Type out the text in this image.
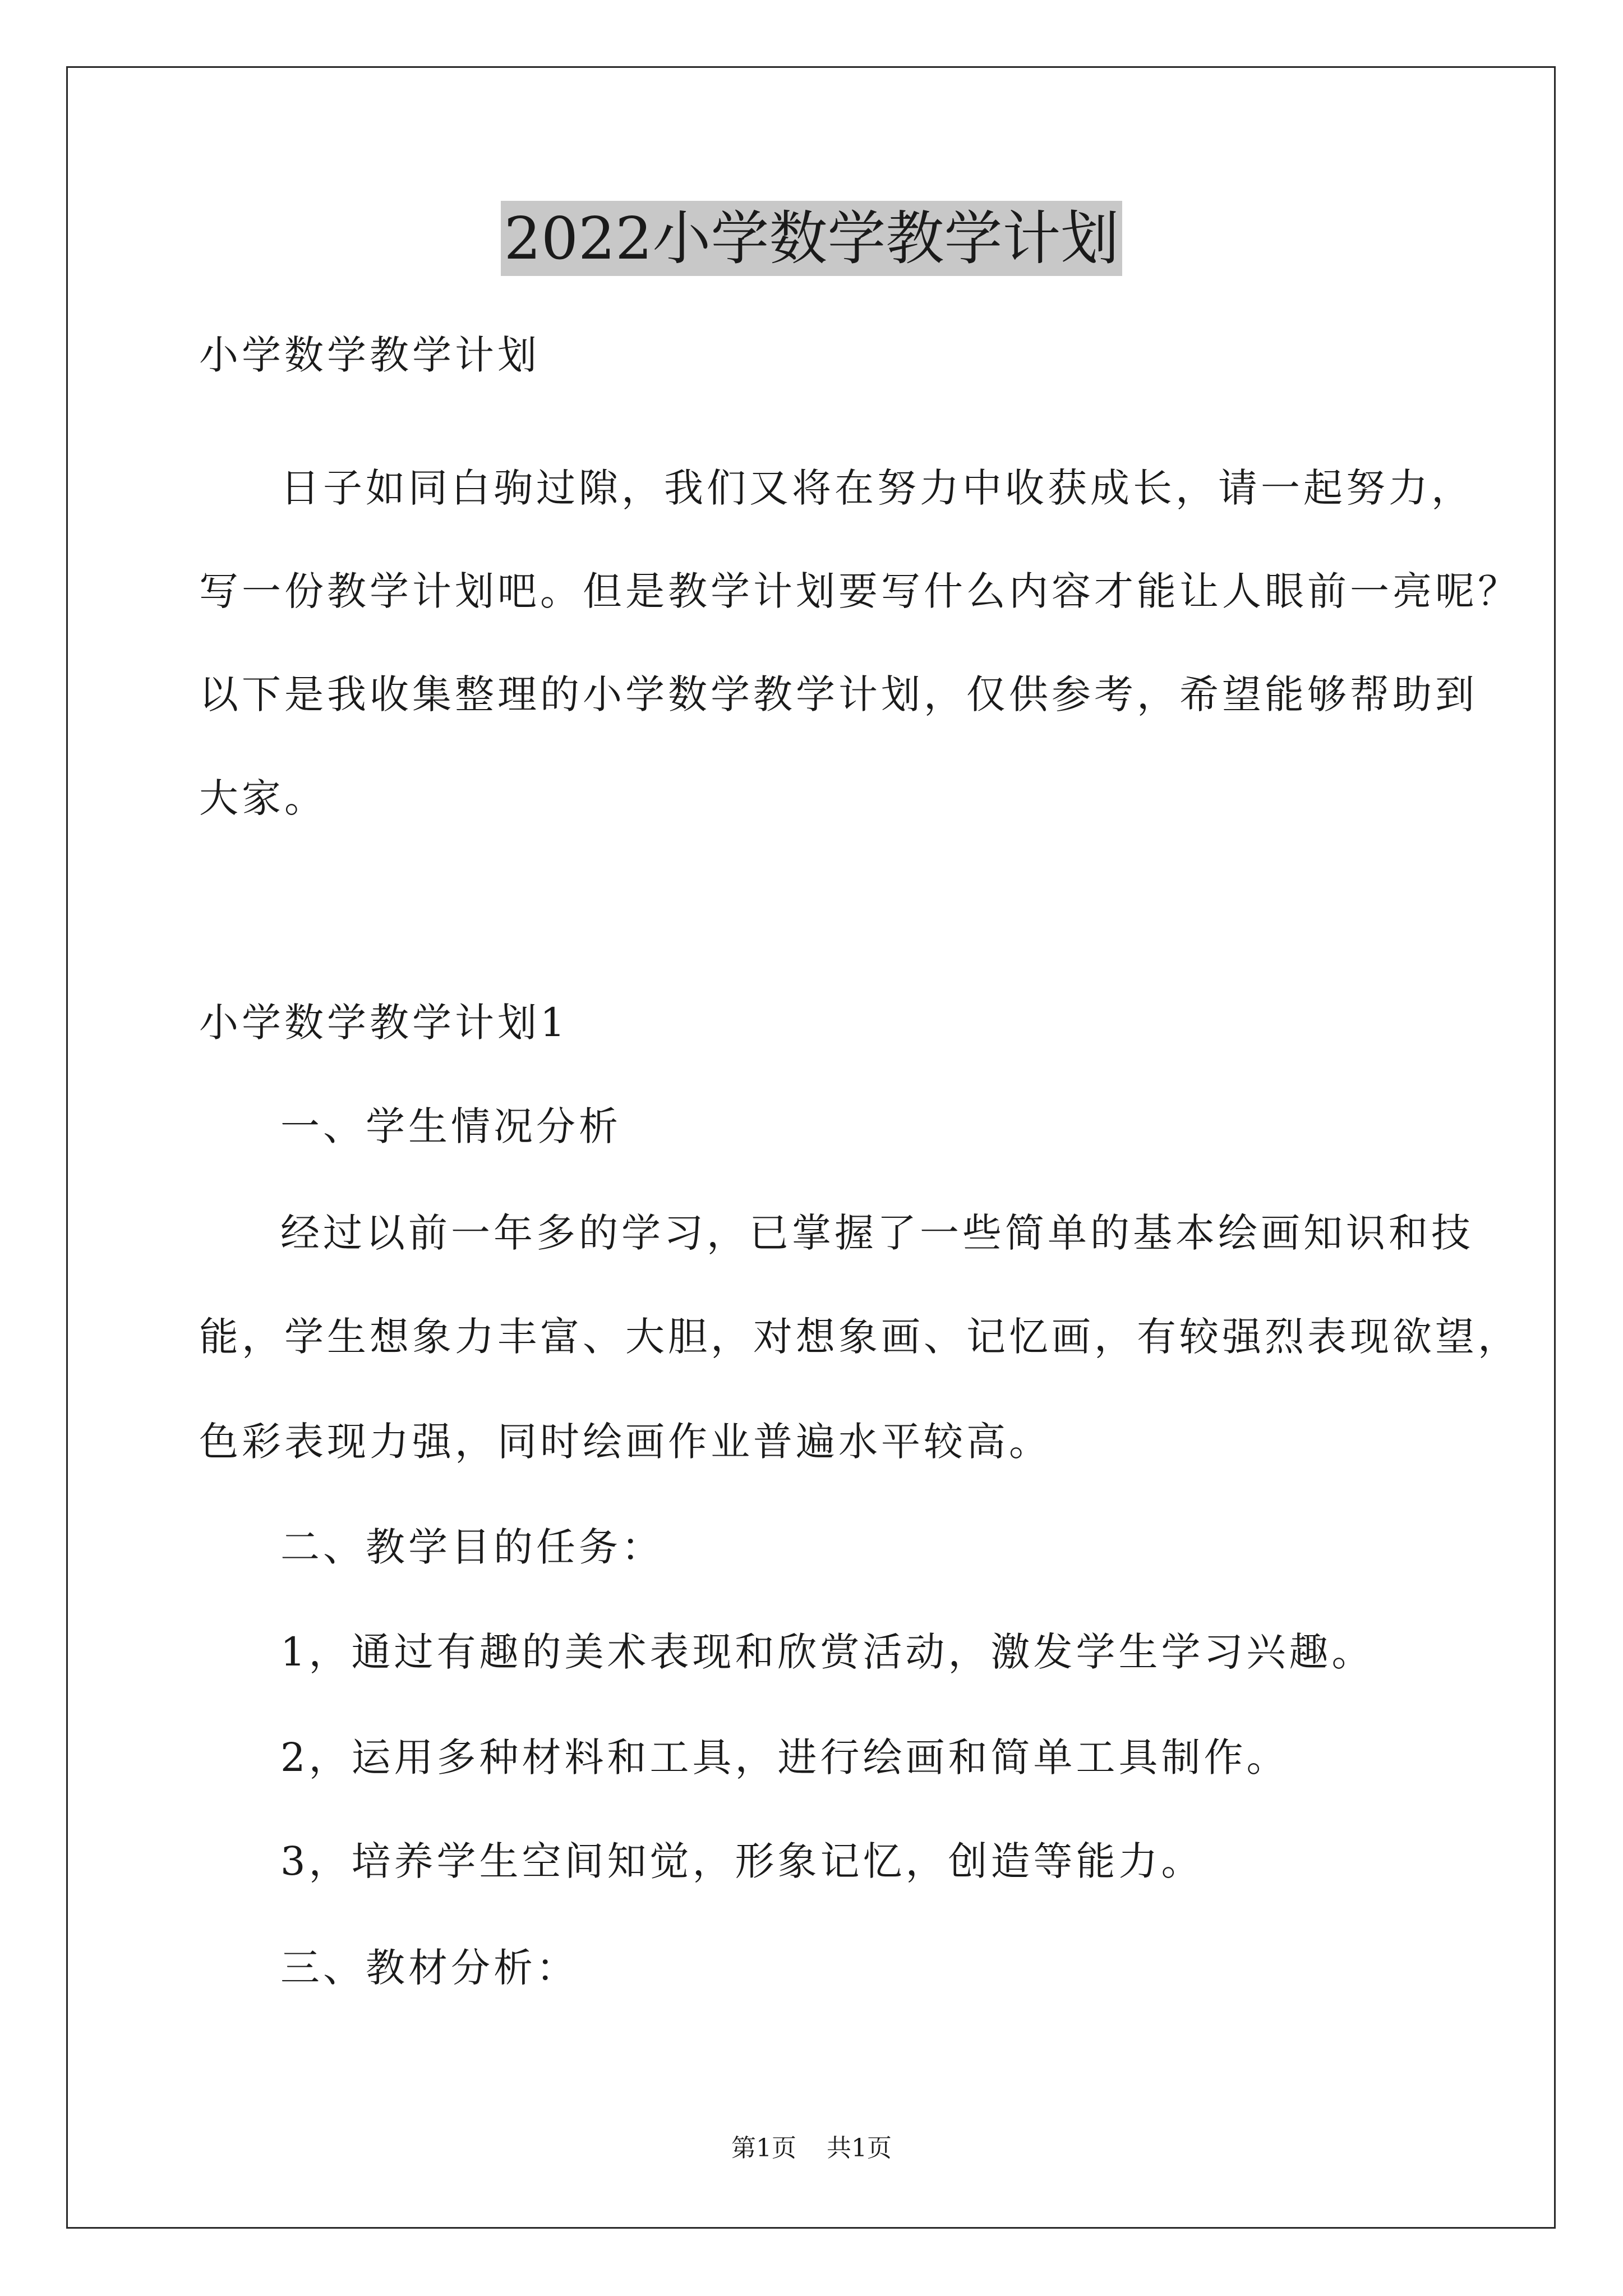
2022小学数学教学计划
小学数学教学计划
日子如同白驹过隙，我们又将在努力中收获成长，请一起努力，
写一份教学计划吧。但是教学计划要写什么内容才能让人眼前一亮呢？
以下是我收集整理的小学数学教学计划，仅供参考，希望能够帮助到
大家。
小学数学教学计划1
一、学生情况分析
经过以前一年多的学习，已掌握了一些简单的基本绘画知识和技
能，学生想象力丰富、大胆，对想象画、记忆画，有较强烈表现欲望，
色彩表现力强，同时绘画作业普遍水平较高。
二、教学目的任务：
1，通过有趣的美术表现和欣赏活动，激发学生学习兴趣。
2，运用多种材料和工具，进行绘画和简单工具制作。
3，培养学生空间知觉，形象记忆，创造等能力。
三、教材分析：
第1页 共1页
